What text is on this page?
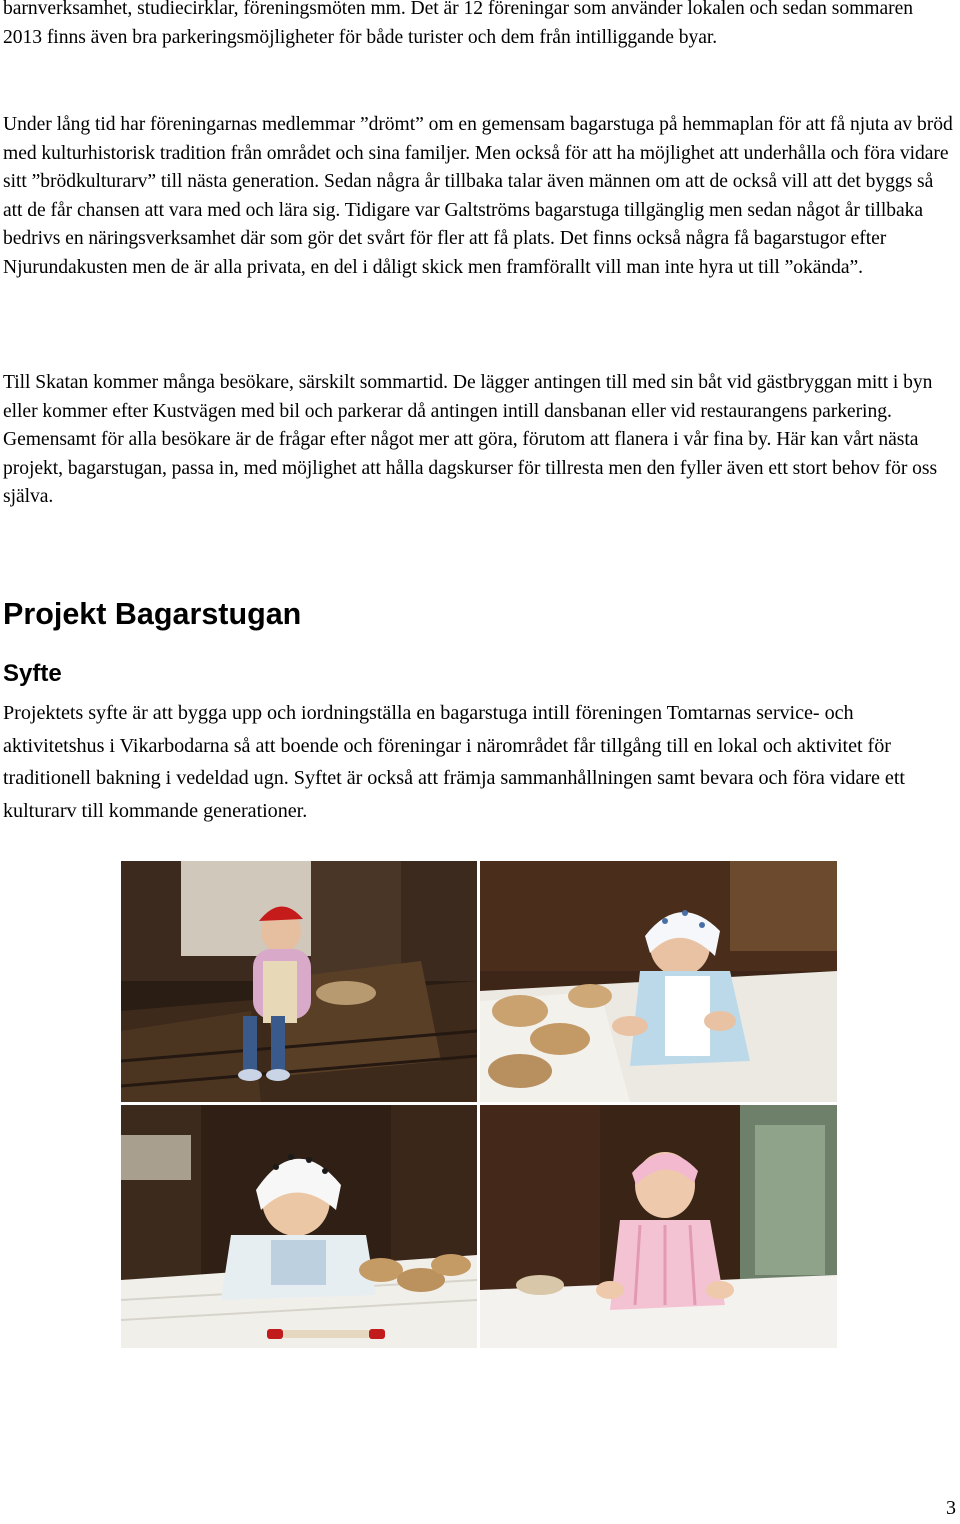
barnverksamhet, studiecirklar, föreningsmöten mm. Det är 12 föreningar som använder lokalen och sedan sommaren 2013 finns även bra parkeringsmöjligheter för både turister och dem från intilliggande byar.

Under lång tid har föreningarnas medlemmar ”drömt” om en gemensam bagarstuga på hemmaplan för att få njuta av bröd med kulturhistorisk tradition från området och sina familjer. Men också för att ha möjlighet att underhålla och föra vidare sitt ”brödkulturarv” till nästa generation. Sedan några år tillbaka talar även männen om att de också vill att det byggs så att de får chansen att vara med och lära sig. Tidigare var Galtströms bagarstuga tillgänglig men sedan något år tillbaka bedrivs en näringsverksamhet där som gör det svårt för fler att få plats. Det finns också några få bagarstugor efter Njurundakusten men de är alla privata, en del i dåligt skick men framförallt vill man inte hyra ut till ”okända”.

Till Skatan kommer många besökare, särskilt sommartid. De lägger antingen till med sin båt vid gästbryggan mitt i byn eller kommer efter Kustvägen med bil och parkerar då antingen intill dansbanan eller vid restaurangens parkering. Gemensamt för alla besökare är de frågar efter något mer att göra, förutom att flanera i vår fina by. Här kan vårt nästa projekt, bagarstugan, passa in, med möjlighet att hålla dagskurser för tillresta men den fyller även ett stort behov för oss själva.

Projekt Bagarstugan
Syfte

Projektets syfte är att bygga upp och iordningställa en bagarstuga intill föreningen Tomtarnas service- och aktivitetshus i Vikarbodarna så att boende och föreningar i närområdet får tillgång till en lokal och aktivitet för traditionell bakning i vedeldad ugn. Syftet är också att främja sammanhållningen samt bevara och föra vidare ett kulturarv till kommande generationer.

3
